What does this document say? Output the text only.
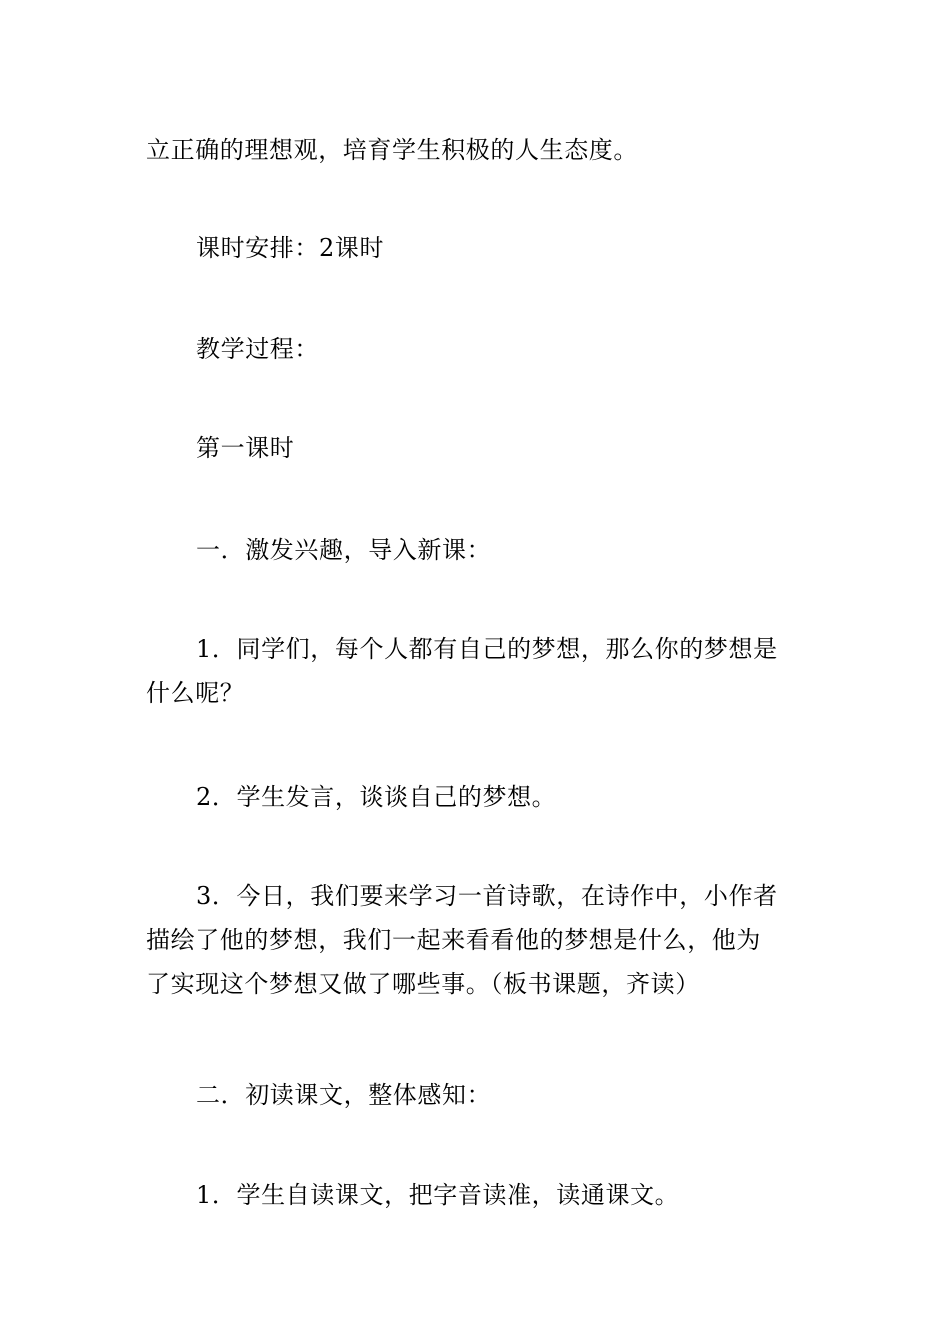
立正确的理想观，培育学生积极的人生态度。

课时安排：2课时

教学过程：

第一课时

一．激发兴趣，导入新课：

1．同学们，每个人都有自己的梦想，那么你的梦想是
什么呢？

2．学生发言，谈谈自己的梦想。

3．今日，我们要来学习一首诗歌，在诗作中，小作者
描绘了他的梦想，我们一起来看看他的梦想是什么，他为
了实现这个梦想又做了哪些事。（板书课题，齐读）

二．初读课文，整体感知：

1．学生自读课文，把字音读准，读通课文。
